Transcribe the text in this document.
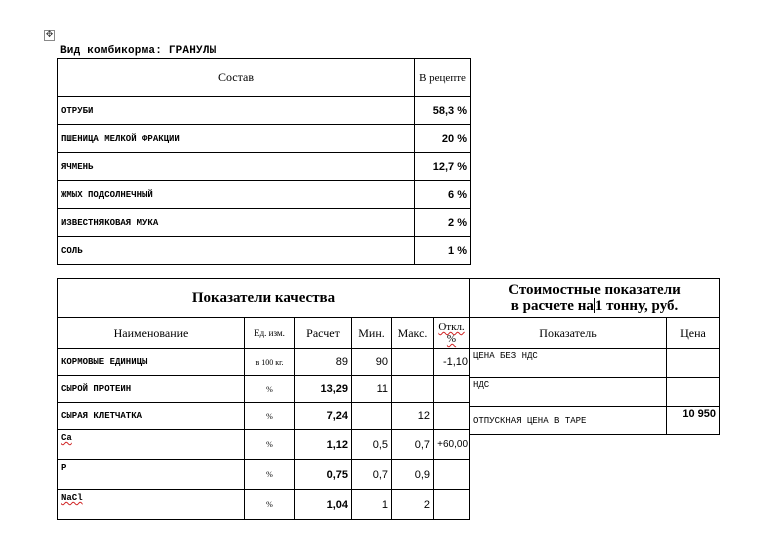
✥
Вид комбикорма: ГРАНУЛЫ
Состав	В рецепте
ОТРУБИ	58,3 %
ПШЕНИЦА МЕЛКОЙ ФРАКЦИИ	20 %
ЯЧМЕНЬ	12,7 %
ЖМЫХ ПОДСОЛНЕЧНЫЙ	6 %
ИЗВЕСТНЯКОВАЯ МУКА	2 %
СОЛЬ	1 %
Показатели качества					
Наименование	Ед. изм.	Расчет	Мин.	Макс.	Откл. %
КОРМОВЫЕ ЕДИНИЦЫ	в 100 кг.	89	90		-1,10
СЫРОЙ ПРОТЕИН	%	13,29	11		
СЫРАЯ КЛЕТЧАТКА	%	7,24		12	
Ca	%	1,12	0,5	0,7	+60,00
P	%	0,75	0,7	0,9	
NaCl	%	1,04	1	2	
Стоимостные показатели
в расчете на1 тонну, руб.	

Показатель	Цена
ЦЕНА БЕЗ НДС	
НДС	
ОТПУСКНАЯ ЦЕНА В ТАРЕ	10 950
